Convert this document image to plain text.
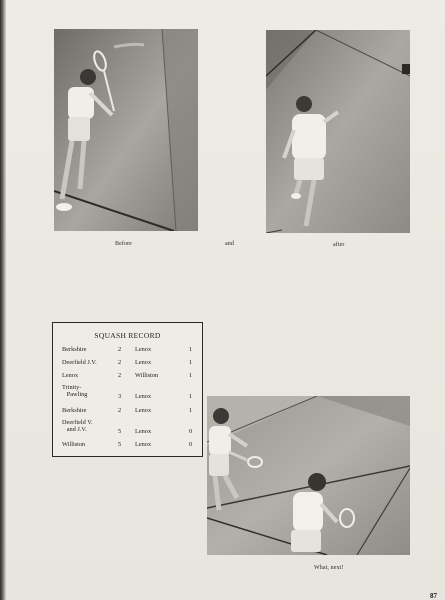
Before	and	after
SQUASH RECORD
Berkshire	2 Lenox	1
Deerfield J.V.	2 Lenox	1
Lenox	2 Williston	1
Trinity-
Pawling	3 Lenox	1
Berkshire	2 Lenox	1
Deerfield V.
and J.V.	5 Lenox	0
Williston	5 Lenox	0
What, next!
87
